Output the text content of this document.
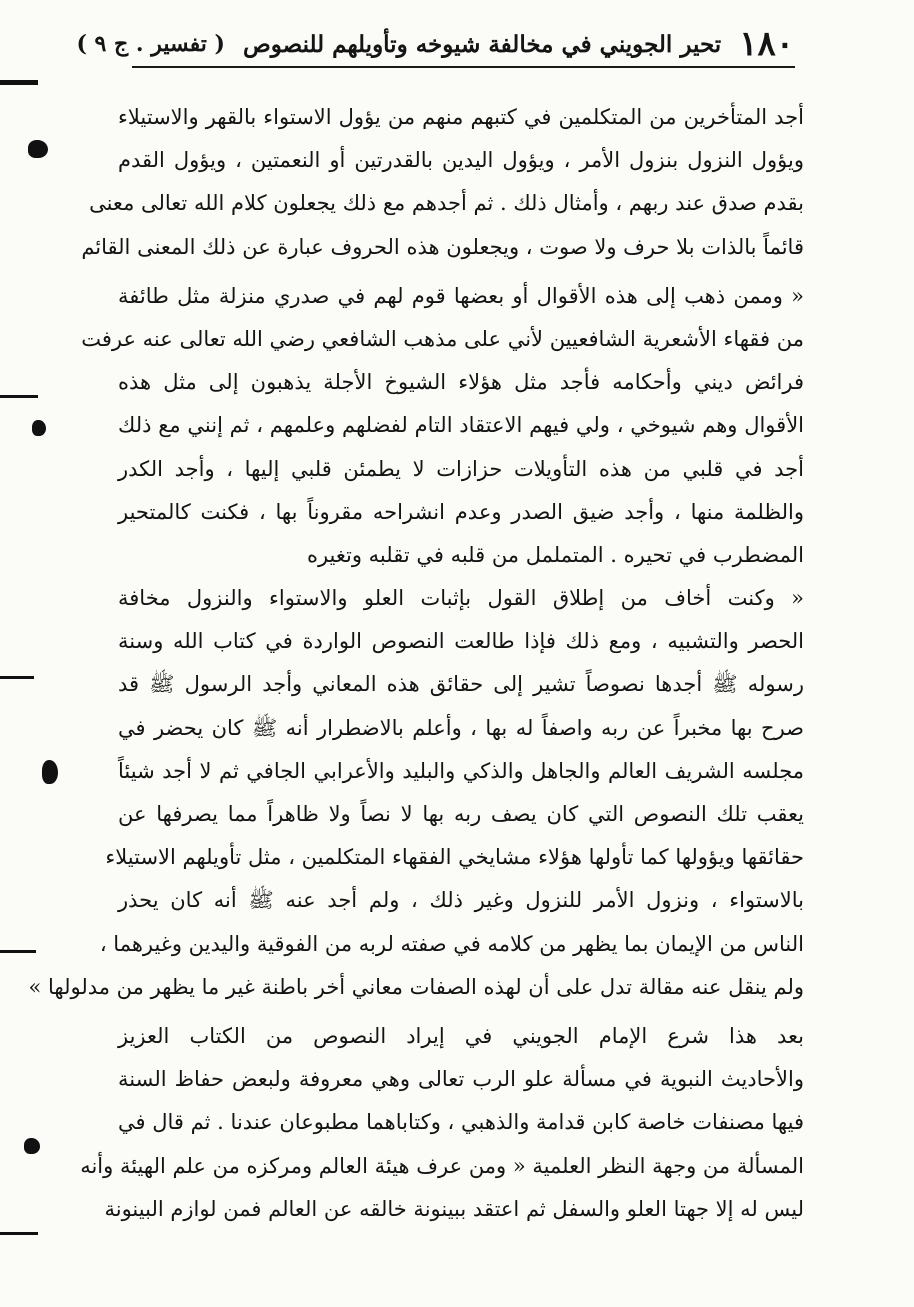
١٨٠
تحير الجويني في مخالفة شيوخه وتأويلهم للنصوص
( تفسير . ج ٩ )
أجد المتأخرين من المتكلمين في كتبهم منهم من يؤول الاستواء بالقهر والاستيلاء
ويؤول النزول بنزول الأمر ، ويؤول اليدين بالقدرتين أو النعمتين ، ويؤول القدم
بقدم صدق عند ربهم ، وأمثال ذلك . ثم أجدهم مع ذلك يجعلون كلام الله تعالى معنى
قائماً بالذات بلا حرف ولا صوت ، ويجعلون هذه الحروف عبارة عن ذلك المعنى القائم
« وممن ذهب إلى هذه الأقوال أو بعضها قوم لهم في صدري منزلة مثل طائفة
من فقهاء الأشعرية الشافعيين لأني على مذهب الشافعي رضي الله تعالى عنه عرفت
فرائض ديني وأحكامه فأجد مثل هؤلاء الشيوخ الأجلة يذهبون إلى مثل هذه
الأقوال وهم شيوخي ، ولي فيهم الاعتقاد التام لفضلهم وعلمهم ، ثم إنني مع ذلك
أجد في قلبي من هذه التأويلات حزازات لا يطمئن قلبي إليها ، وأجد الكدر
والظلمة منها ، وأجد ضيق الصدر وعدم انشراحه مقروناً بها ، فكنت كالمتحير
المضطرب في تحيره . المتململ من قلبه في تقلبه وتغيره
« وكنت أخاف من إطلاق القول بإثبات العلو والاستواء والنزول مخافة
الحصر والتشبيه ، ومع ذلك فإذا طالعت النصوص الواردة في كتاب الله وسنة
رسوله ﷺ أجدها نصوصاً تشير إلى حقائق هذه المعاني وأجد الرسول ﷺ قد
صرح بها مخبراً عن ربه واصفاً له بها ، وأعلم بالاضطرار أنه ﷺ كان يحضر في
مجلسه الشريف العالم والجاهل والذكي والبليد والأعرابي الجافي ثم لا أجد شيئاً
يعقب تلك النصوص التي كان يصف ربه بها لا نصاً ولا ظاهراً مما يصرفها عن
حقائقها ويؤولها كما تأولها هؤلاء مشايخي الفقهاء المتكلمين ، مثل تأويلهم الاستيلاء
بالاستواء ، ونزول الأمر للنزول وغير ذلك ، ولم أجد عنه ﷺ أنه كان يحذر
الناس من الإيمان بما يظهر من كلامه في صفته لربه من الفوقية واليدين وغيرهما ،
ولم ينقل عنه مقالة تدل على أن لهذه الصفات معاني أخر باطنة غير ما يظهر من مدلولها »
بعد هذا شرع الإمام الجويني في إيراد النصوص من الكتاب العزيز
والأحاديث النبوية في مسألة علو الرب تعالى وهي معروفة ولبعض حفاظ السنة
فيها مصنفات خاصة كابن قدامة والذهبي ، وكتاباهما مطبوعان عندنا . ثم قال في
المسألة من وجهة النظر العلمية « ومن عرف هيئة العالم ومركزه من علم الهيئة وأنه
ليس له إلا جهتا العلو والسفل ثم اعتقد ببينونة خالقه عن العالم فمن لوازم البينونة
